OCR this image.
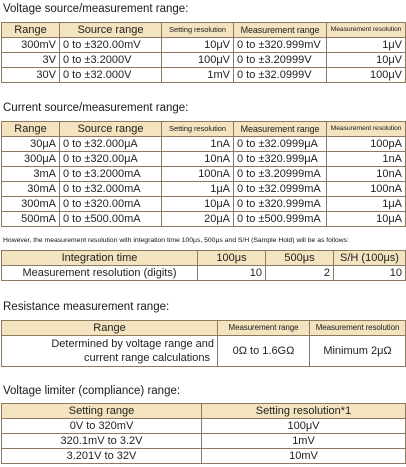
Voltage source/measurement range:
Range	Source range	Setting resolution	Measurement range	Measurement resolution
300mV	0 to ±320.00mV	10μV	0 to ±320.999mV	1μV
3V	0 to ±3.2000V	100μV	0 to ±3.20999V	10μV
30V	0 to ±32.000V	1mV	0 to ±32.0999V	100μV
Current source/measurement range:
Range	Source range	Setting resolution	Measurement range	Measurement resolution
30μA	0 to ±32.000μA	1nA	0 to ±32.0999μA	100pA
300μA	0 to ±320.00μA	10nA	0 to ±320.999μA	1nA
3mA	0 to ±3.2000mA	100nA	0 to ±3.20999mA	10nA
30mA	0 to ±32.000mA	1μA	0 to ±32.0999mA	100nA
300mA	0 to ±320.00mA	10μA	0 to ±320.999mA	1μA
500mA	0 to ±500.00mA	20μA	0 to ±500.999mA	10μA
However, the measurement resolution with integration time 100μs, 500μs and S/H (Sample Hold) will be as follows:
Integration time	100μs	500μs	S/H (100μs)
Measurement resolution (digits)	10	2	10
Resistance measurement range:
Range	Measurement range	Measurement resolution

Determined by voltage range and
current range calculations	0Ω to 1.6GΩ	Minimum 2μΩ
Voltage limiter (compliance) range:
Setting range	Setting resolution*1
0V to 320mV	100μV
320.1mV to 3.2V	1mV
3.201V to 32V	10mV
